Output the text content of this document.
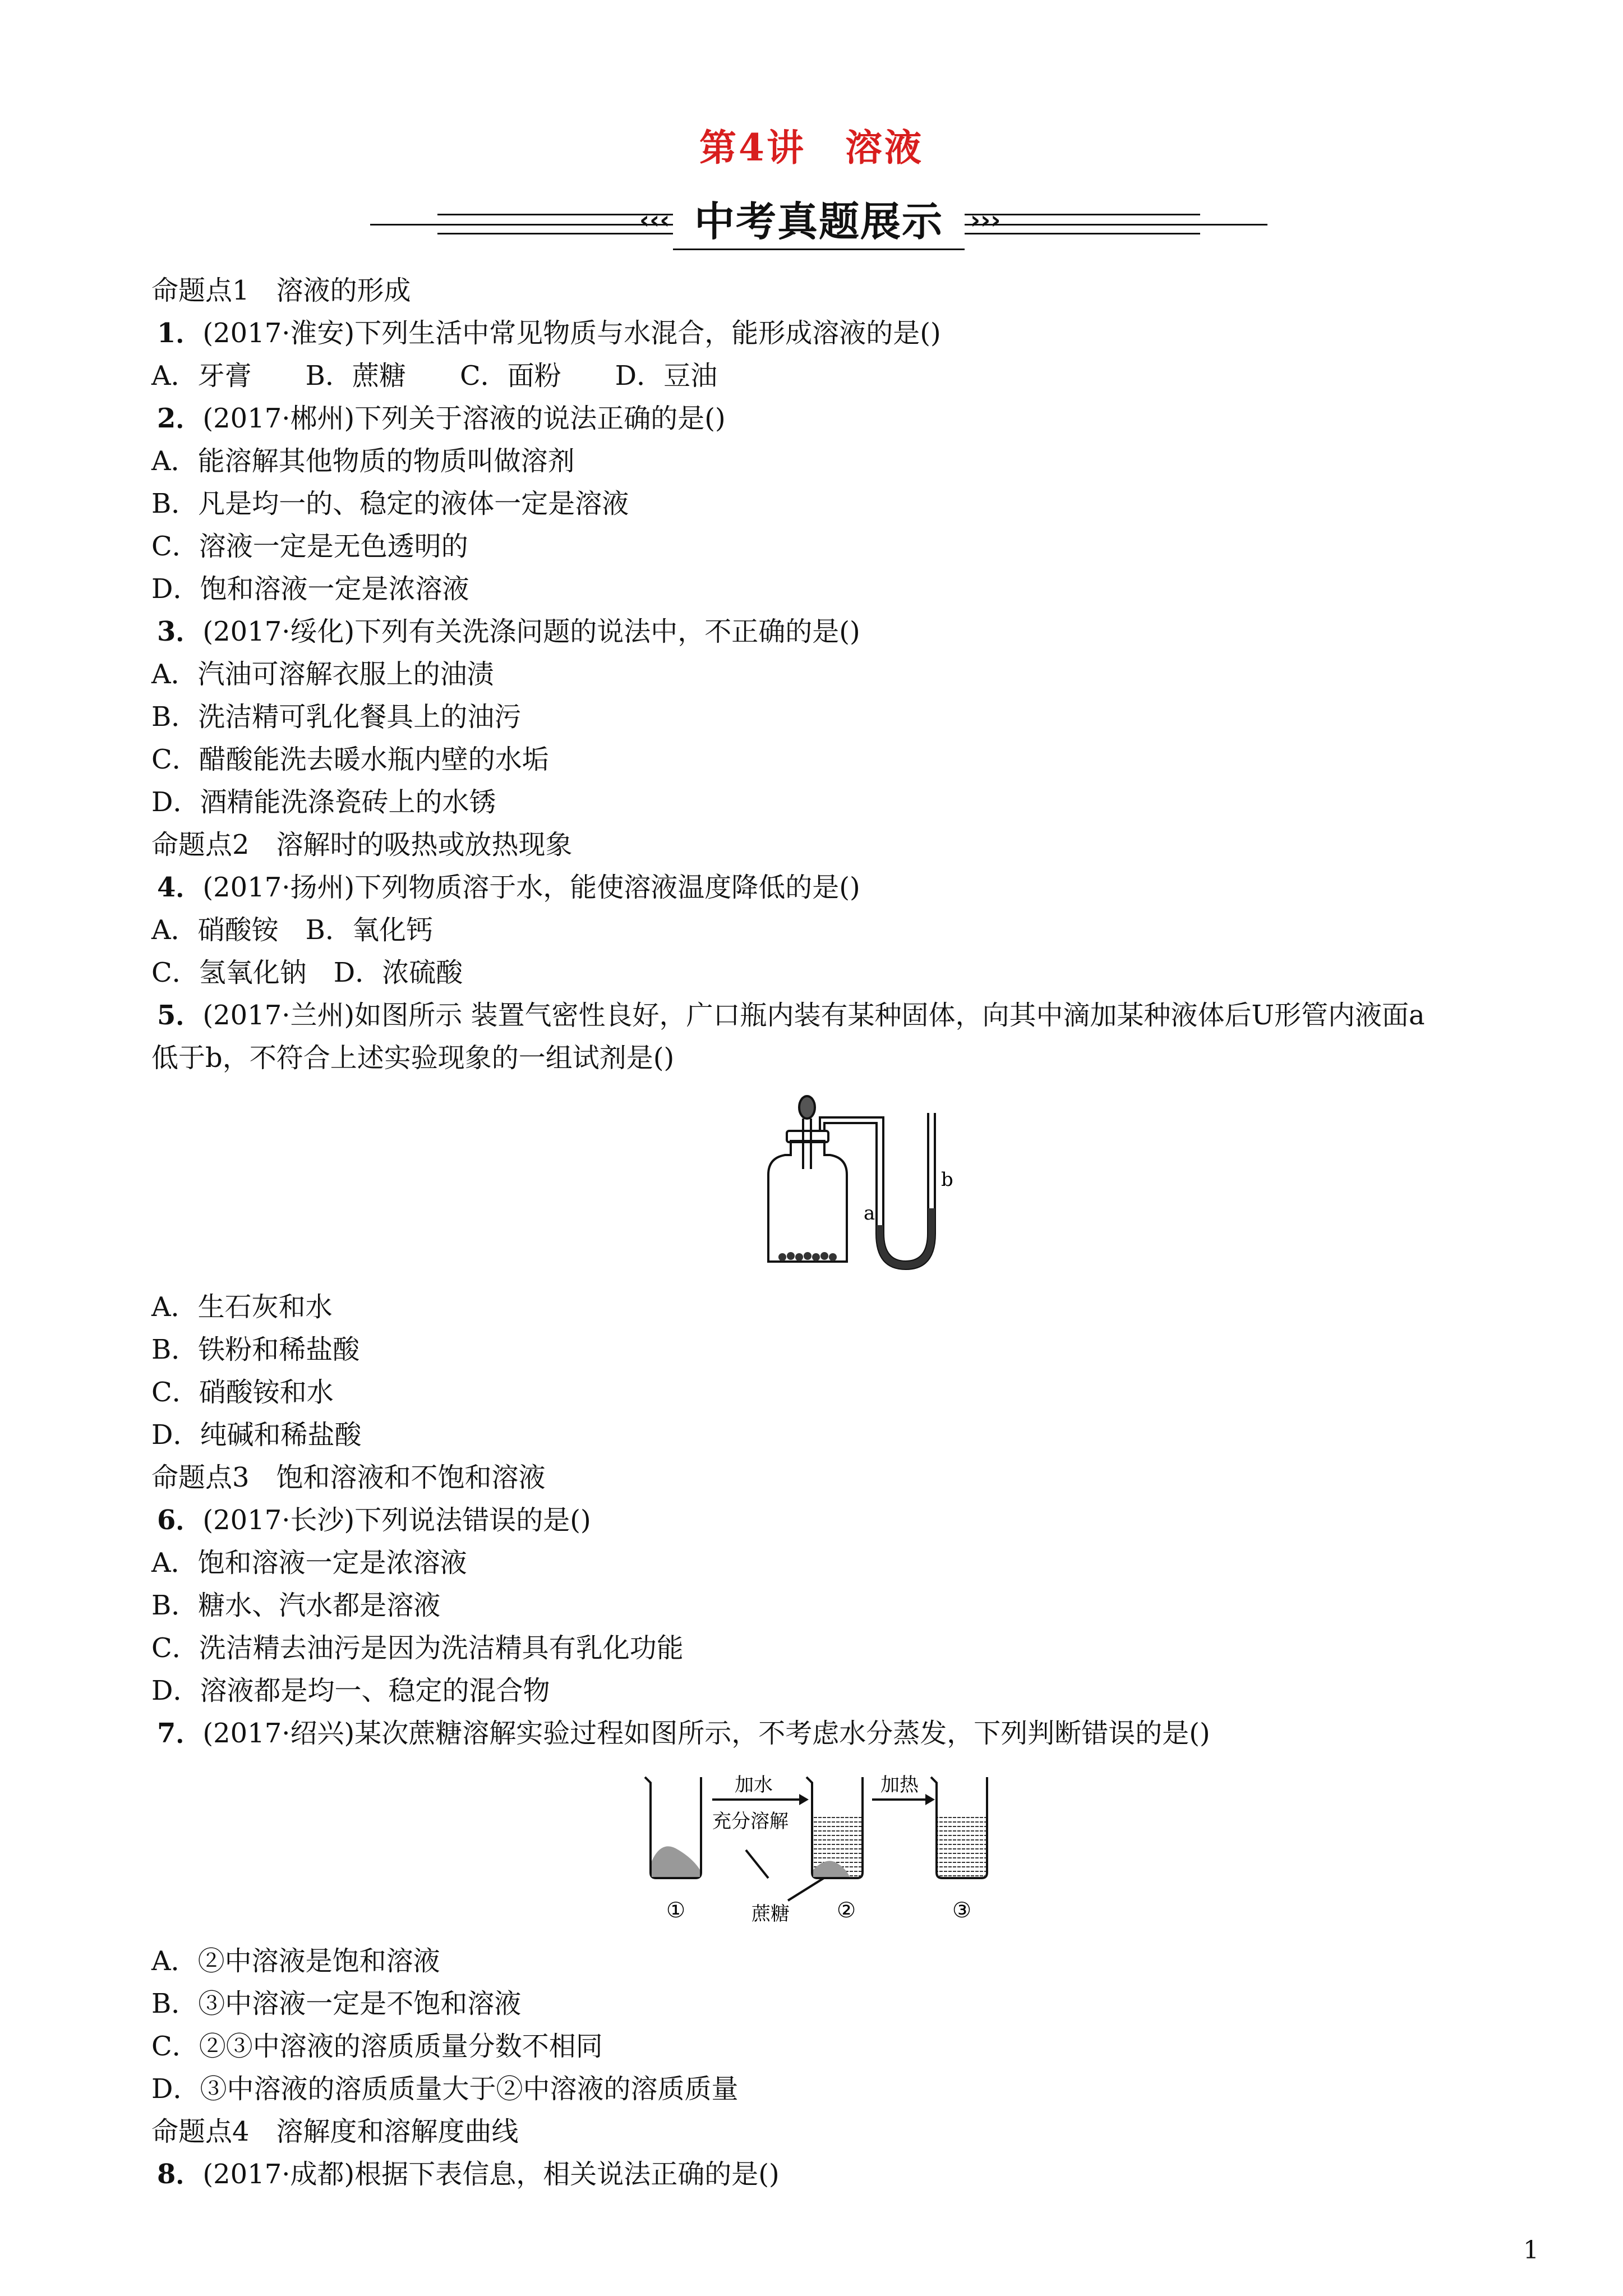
第4讲　溶液
‹‹‹ 中考真题展示	›››
命题点1　溶液的形成
1．(2017·淮安)下列生活中常见物质与水混合，能形成溶液的是()
A．牙膏　　B．蔗糖　　C．面粉　　D．豆油
2．(2017·郴州)下列关于溶液的说法正确的是()
A．能溶解其他物质的物质叫做溶剂
B．凡是均一的、稳定的液体一定是溶液
C．溶液一定是无色透明的
D．饱和溶液一定是浓溶液
3．(2017·绥化)下列有关洗涤问题的说法中，不正确的是()
A．汽油可溶解衣服上的油渍
B．洗洁精可乳化餐具上的油污
C．醋酸能洗去暖水瓶内壁的水垢
D．酒精能洗涤瓷砖上的水锈
命题点2　溶解时的吸热或放热现象
4．(2017·扬州)下列物质溶于水，能使溶液温度降低的是()
A．硝酸铵　B．氧化钙
C．氢氧化钠　D．浓硫酸
5．(2017·兰州)如图所示 装置气密性良好，广口瓶内装有某种固体，向其中滴加某种液体后U形管内液面a
低于b，不符合上述实验现象的一组试剂是()
a
b
A．生石灰和水
B．铁粉和稀盐酸
C．硝酸铵和水
D．纯碱和稀盐酸
命题点3　饱和溶液和不饱和溶液
6．(2017·长沙)下列说法错误的是()
A．饱和溶液一定是浓溶液
B．糖水、汽水都是溶液
C．洗洁精去油污是因为洗洁精具有乳化功能
D．溶液都是均一、稳定的混合物
7．(2017·绍兴)某次蔗糖溶解实验过程如图所示，不考虑水分蒸发，下列判断错误的是()
加水
充分溶解
加热
蔗糖
①	②	③
A．②中溶液是饱和溶液
B．③中溶液一定是不饱和溶液
C．②③中溶液的溶质质量分数不相同
D．③中溶液的溶质质量大于②中溶液的溶质质量
命题点4　溶解度和溶解度曲线
8．(2017·成都)根据下表信息，相关说法正确的是()
1
